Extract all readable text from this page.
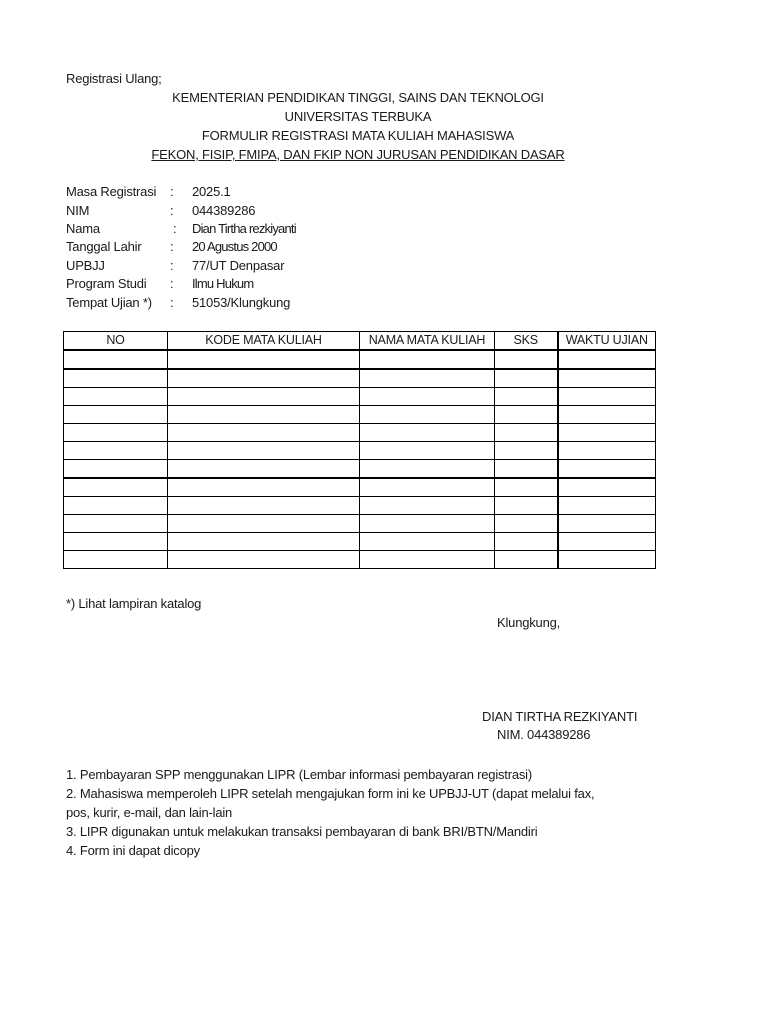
Registrasi Ulang;
KEMENTERIAN PENDIDIKAN TINGGI, SAINS DAN TEKNOLOGI
UNIVERSITAS TERBUKA
FORMULIR REGISTRASI MATA KULIAH MAHASISWA
FEKON, FISIP, FMIPA, DAN FKIP NON JURUSAN PENDIDIKAN DASAR
Masa Registrasi	: 2025.1
NIM	: 044389286
Nama	: Dian Tirtha rezkiyanti
Tanggal Lahir	: 20 Agustus 2000
UPBJJ	: 77/UT Denpasar
Program Studi	: Ilmu Hukum
Tempat Ujian *)	: 51053/Klungkung
NO	KODE MATA KULIAH	NAMA MATA KULIAH	SKS	WAKTU UJIAN

*) Lihat lampiran katalog
Klungkung,
DIAN TIRTHA REZKIYANTI
NIM. 044389286
1. Pembayaran SPP menggunakan LIPR (Lembar informasi pembayaran registrasi)
2. Mahasiswa memperoleh LIPR setelah mengajukan form ini ke UPBJJ-UT (dapat melalui fax, pos, kurir, e-mail, dan lain-lain
3. LIPR digunakan untuk melakukan transaksi pembayaran di bank BRI/BTN/Mandiri
4. Form ini dapat dicopy
